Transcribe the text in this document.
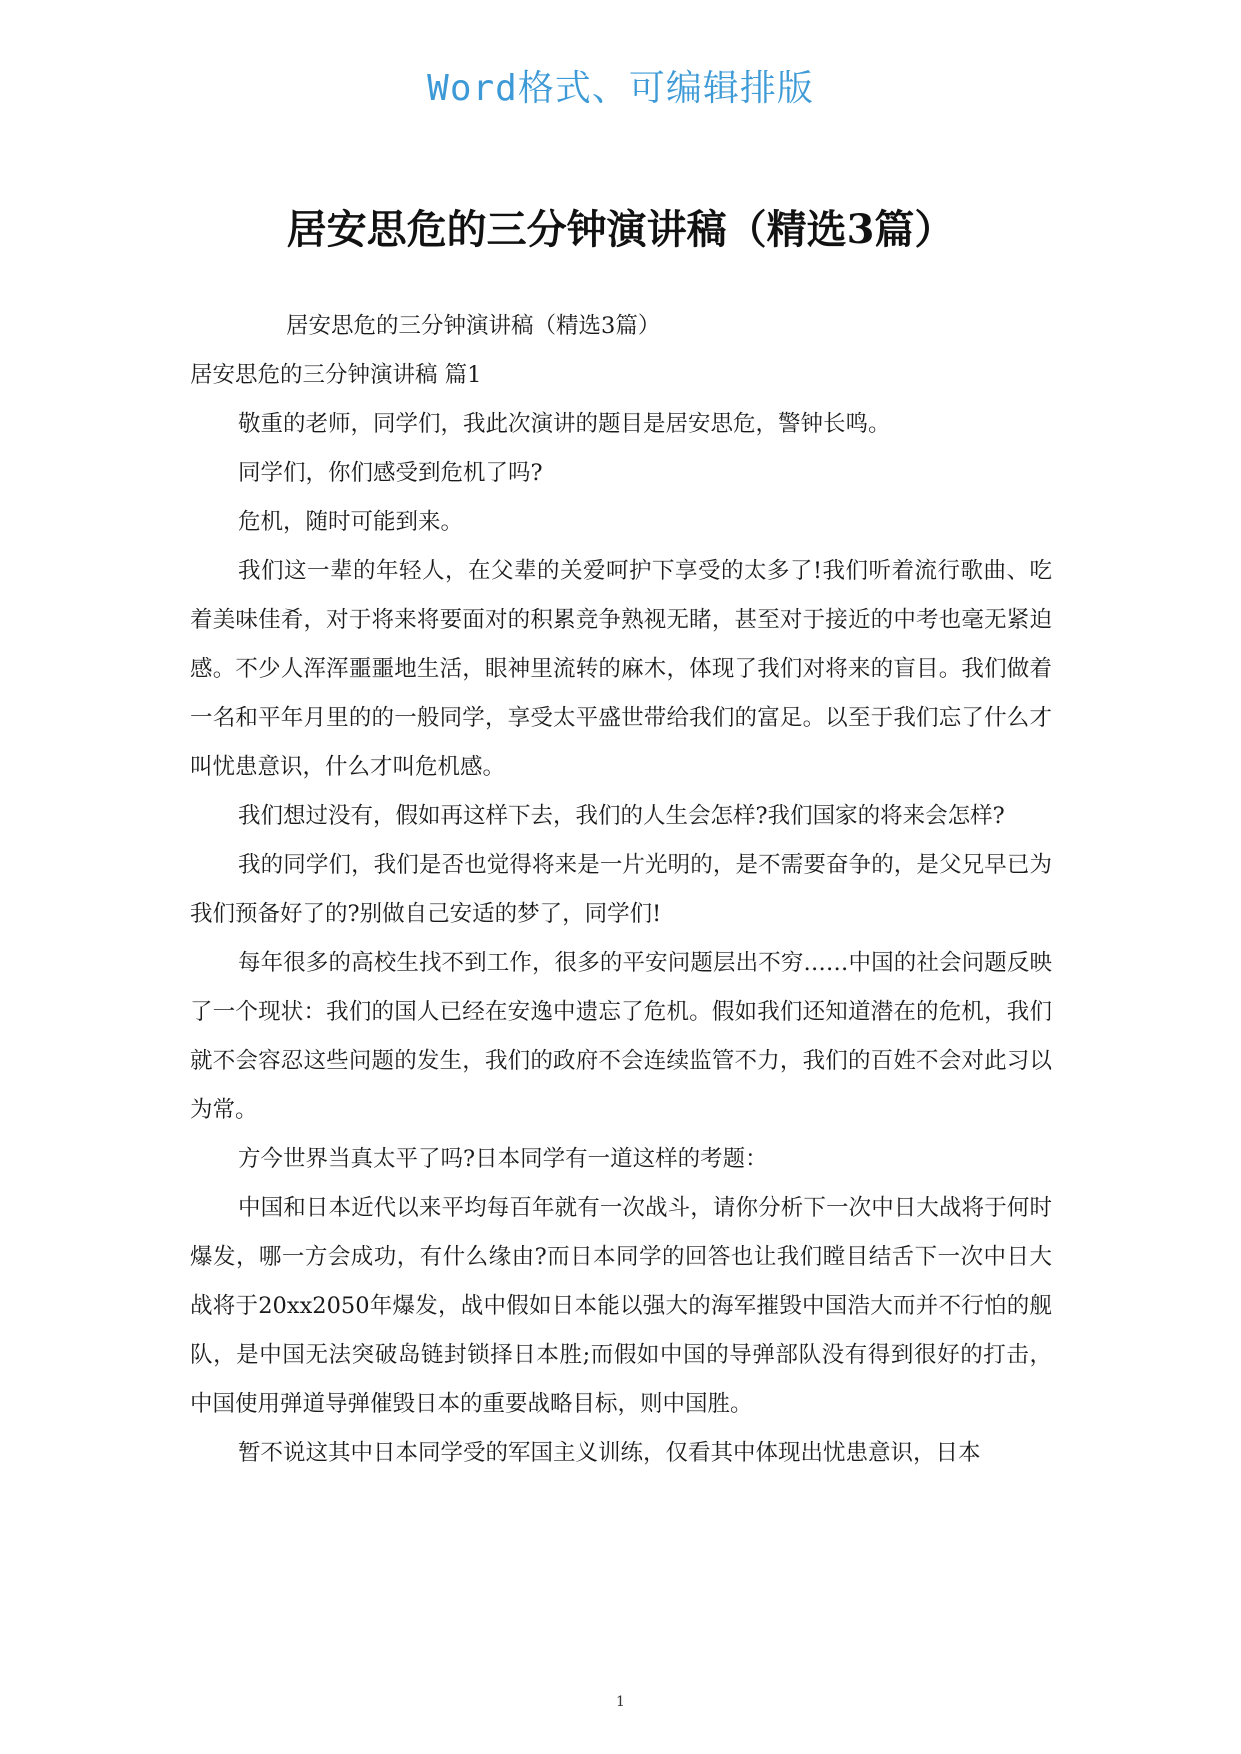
Word格式、可编辑排版
居安思危的三分钟演讲稿（精选3篇）

居安思危的三分钟演讲稿（精选3篇）

居安思危的三分钟演讲稿 篇1

敬重的老师，同学们，我此次演讲的题目是居安思危，警钟长鸣。

同学们，你们感受到危机了吗?

危机，随时可能到来。

我们这一辈的年轻人，在父辈的关爱呵护下享受的太多了!我们听着流行歌曲、吃着美味佳肴，对于将来将要面对的积累竞争熟视无睹，甚至对于接近的中考也毫无紧迫感。不少人浑浑噩噩地生活，眼神里流转的麻木，体现了我们对将来的盲目。我们做着一名和平年月里的的一般同学，享受太平盛世带给我们的富足。以至于我们忘了什么才叫忧患意识，什么才叫危机感。

我们想过没有，假如再这样下去，我们的人生会怎样?我们国家的将来会怎样?

我的同学们，我们是否也觉得将来是一片光明的，是不需要奋争的，是父兄早已为我们预备好了的?别做自己安适的梦了，同学们!

每年很多的高校生找不到工作，很多的平安问题层出不穷……中国的社会问题反映了一个现状：我们的国人已经在安逸中遗忘了危机。假如我们还知道潜在的危机，我们就不会容忍这些问题的发生，我们的政府不会连续监管不力，我们的百姓不会对此习以为常。

方今世界当真太平了吗?日本同学有一道这样的考题：

中国和日本近代以来平均每百年就有一次战斗，请你分析下一次中日大战将于何时爆发，哪一方会成功，有什么缘由?而日本同学的回答也让我们瞠目结舌下一次中日大战将于20xx2050年爆发，战中假如日本能以强大的海军摧毁中国浩大而并不行怕的舰队，是中国无法突破岛链封锁择日本胜;而假如中国的导弹部队没有得到很好的打击，中国使用弹道导弹催毁日本的重要战略目标，则中国胜。

暂不说这其中日本同学受的军国主义训练，仅看其中体现出忧患意识，日本

1
